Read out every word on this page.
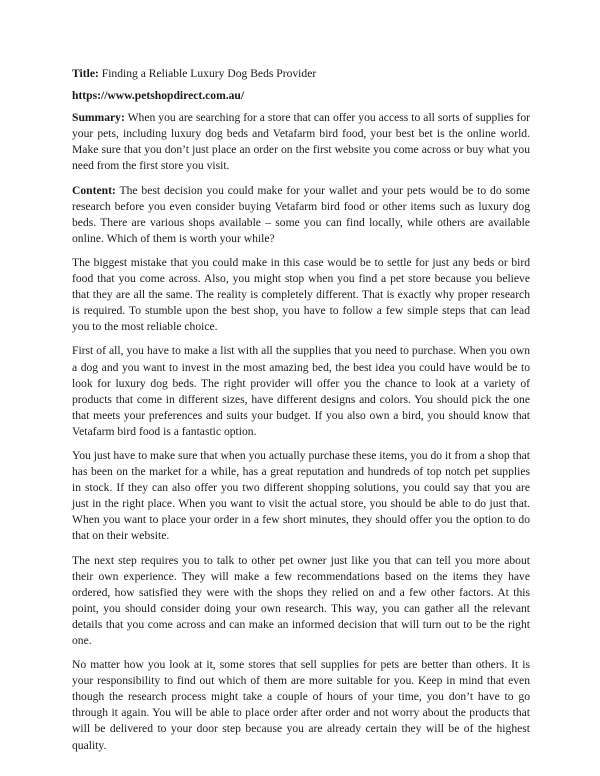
Title: Finding a Reliable Luxury Dog Beds Provider

https://www.petshopdirect.com.au/

Summary: When you are searching for a store that can offer you access to all sorts of supplies for your pets, including luxury dog beds and Vetafarm bird food, your best bet is the online world. Make sure that you don’t just place an order on the first website you come across or buy what you need from the first store you visit.

Content: The best decision you could make for your wallet and your pets would be to do some research before you even consider buying Vetafarm bird food or other items such as luxury dog beds. There are various shops available – some you can find locally, while others are available online. Which of them is worth your while?

The biggest mistake that you could make in this case would be to settle for just any beds or bird food that you come across. Also, you might stop when you find a pet store because you believe that they are all the same. The reality is completely different. That is exactly why proper research is required. To stumble upon the best shop, you have to follow a few simple steps that can lead you to the most reliable choice.

First of all, you have to make a list with all the supplies that you need to purchase. When you own a dog and you want to invest in the most amazing bed, the best idea you could have would be to look for luxury dog beds. The right provider will offer you the chance to look at a variety of products that come in different sizes, have different designs and colors. You should pick the one that meets your preferences and suits your budget. If you also own a bird, you should know that Vetafarm bird food is a fantastic option.

You just have to make sure that when you actually purchase these items, you do it from a shop that has been on the market for a while, has a great reputation and hundreds of top notch pet supplies in stock. If they can also offer you two different shopping solutions, you could say that you are just in the right place. When you want to visit the actual store, you should be able to do just that. When you want to place your order in a few short minutes, they should offer you the option to do that on their website.

The next step requires you to talk to other pet owner just like you that can tell you more about their own experience. They will make a few recommendations based on the items they have ordered, how satisfied they were with the shops they relied on and a few other factors. At this point, you should consider doing your own research. This way, you can gather all the relevant details that you come across and can make an informed decision that will turn out to be the right one.

No matter how you look at it, some stores that sell supplies for pets are better than others. It is your responsibility to find out which of them are more suitable for you. Keep in mind that even though the research process might take a couple of hours of your time, you don’t have to go through it again. You will be able to place order after order and not worry about the products that will be delivered to your door step because you are already certain they will be of the highest quality.
